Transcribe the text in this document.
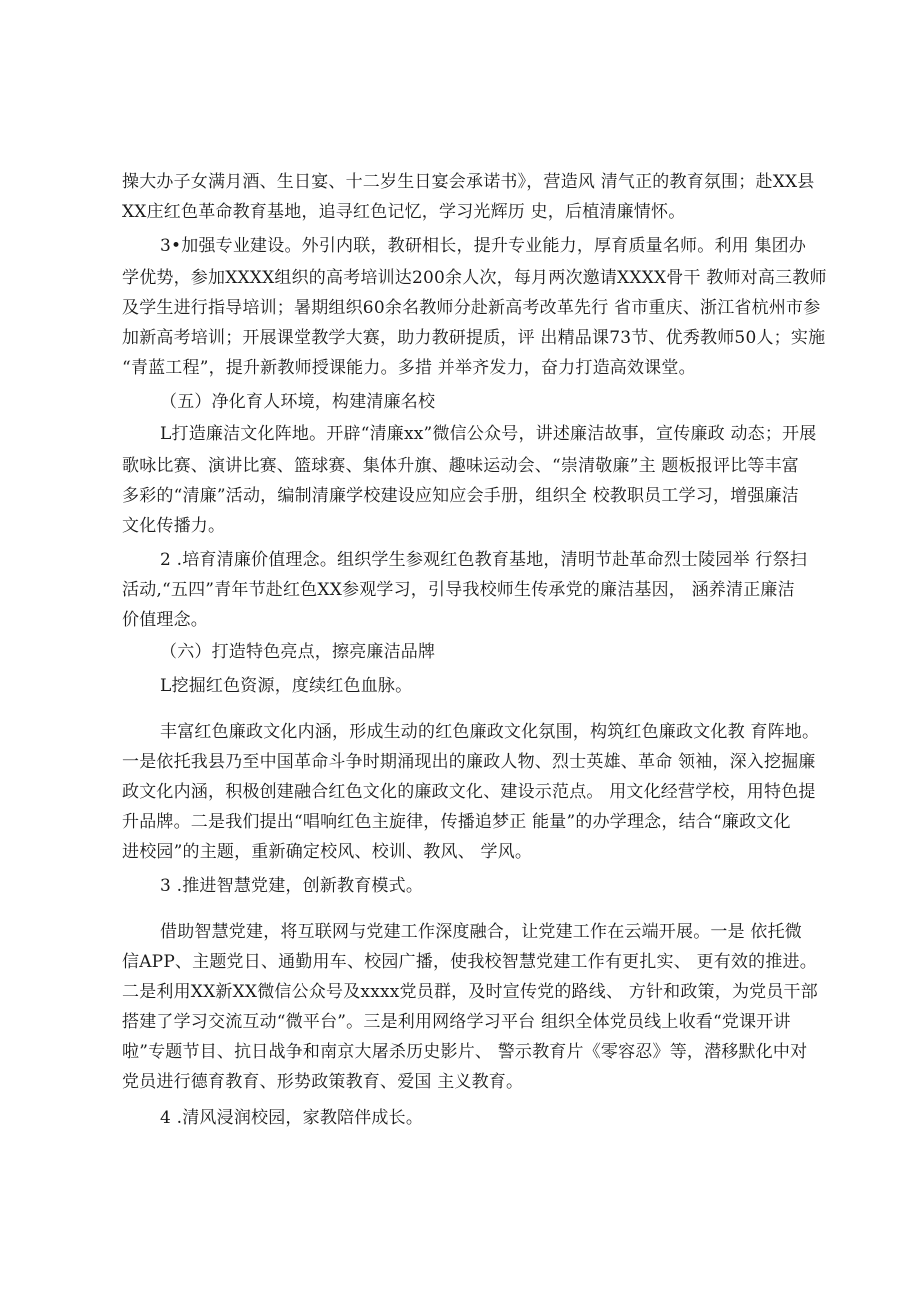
操大办子女满月酒、生日宴、十二岁生日宴会承诺书》，营造风 清气正的教育氛围；赴XX县
XX庄红色革命教育基地，追寻红色记忆，学习光辉历 史，后植清廉情怀。
3•加强专业建设。外引内联，教研相长，提升专业能力，厚育质量名师。利用 集团办
学优势，参加XXXX组织的高考培训达200余人次，每月两次邀请XXXX骨干 教师对高三教师
及学生进行指导培训；暑期组织60余名教师分赴新高考改革先行 省市重庆、浙江省杭州市参
加新高考培训；开展课堂教学大赛，助力教研提质，评 出精品课73节、优秀教师50人；实施
“青蓝工程”，提升新教师授课能力。多措 并举齐发力，奋力打造高效课堂。
（五）净化育人环境，构建清廉名校
L打造廉洁文化阵地。开辟“清廉xx”微信公众号，讲述廉洁故事，宣传廉政 动态；开展
歌咏比赛、演讲比赛、篮球赛、集体升旗、趣味运动会、“崇清敬廉”主 题板报评比等丰富
多彩的“清廉”活动，编制清廉学校建设应知应会手册，组织全 校教职员工学习，增强廉洁
文化传播力。
2 .培育清廉价值理念。组织学生参观红色教育基地，清明节赴革命烈士陵园举 行祭扫
活动,“五四”青年节赴红色XX参观学习，引导我校师生传承党的廉洁基因， 涵养清正廉洁
价值理念。
（六）打造特色亮点，擦亮廉洁品牌
L挖掘红色资源，度续红色血脉。
丰富红色廉政文化内涵，形成生动的红色廉政文化氛围，构筑红色廉政文化教 育阵地。
一是依托我县乃至中国革命斗争时期涌现出的廉政人物、烈士英雄、革命 领袖，深入挖掘廉
政文化内涵，积极创建融合红色文化的廉政文化、建设示范点。 用文化经营学校，用特色提
升品牌。二是我们提出“唱响红色主旋律，传播追梦正 能量”的办学理念，结合“廉政文化
进校园”的主题，重新确定校风、校训、教风、 学风。
3 .推进智慧党建，创新教育模式。
借助智慧党建，将互联网与党建工作深度融合，让党建工作在云端开展。一是 依托微
信APP、主题党日、通勤用车、校园广播，使我校智慧党建工作有更扎实、 更有效的推进。
二是利用XX新XX微信公众号及xxxx党员群，及时宣传党的路线、 方针和政策，为党员干部
搭建了学习交流互动“微平台”。三是利用网络学习平台 组织全体党员线上收看“党课开讲
啦”专题节目、抗日战争和南京大屠杀历史影片、 警示教育片《零容忍》等，潜移默化中对
党员进行德育教育、形势政策教育、爱国 主义教育。
4 .清风浸润校园，家教陪伴成长。
